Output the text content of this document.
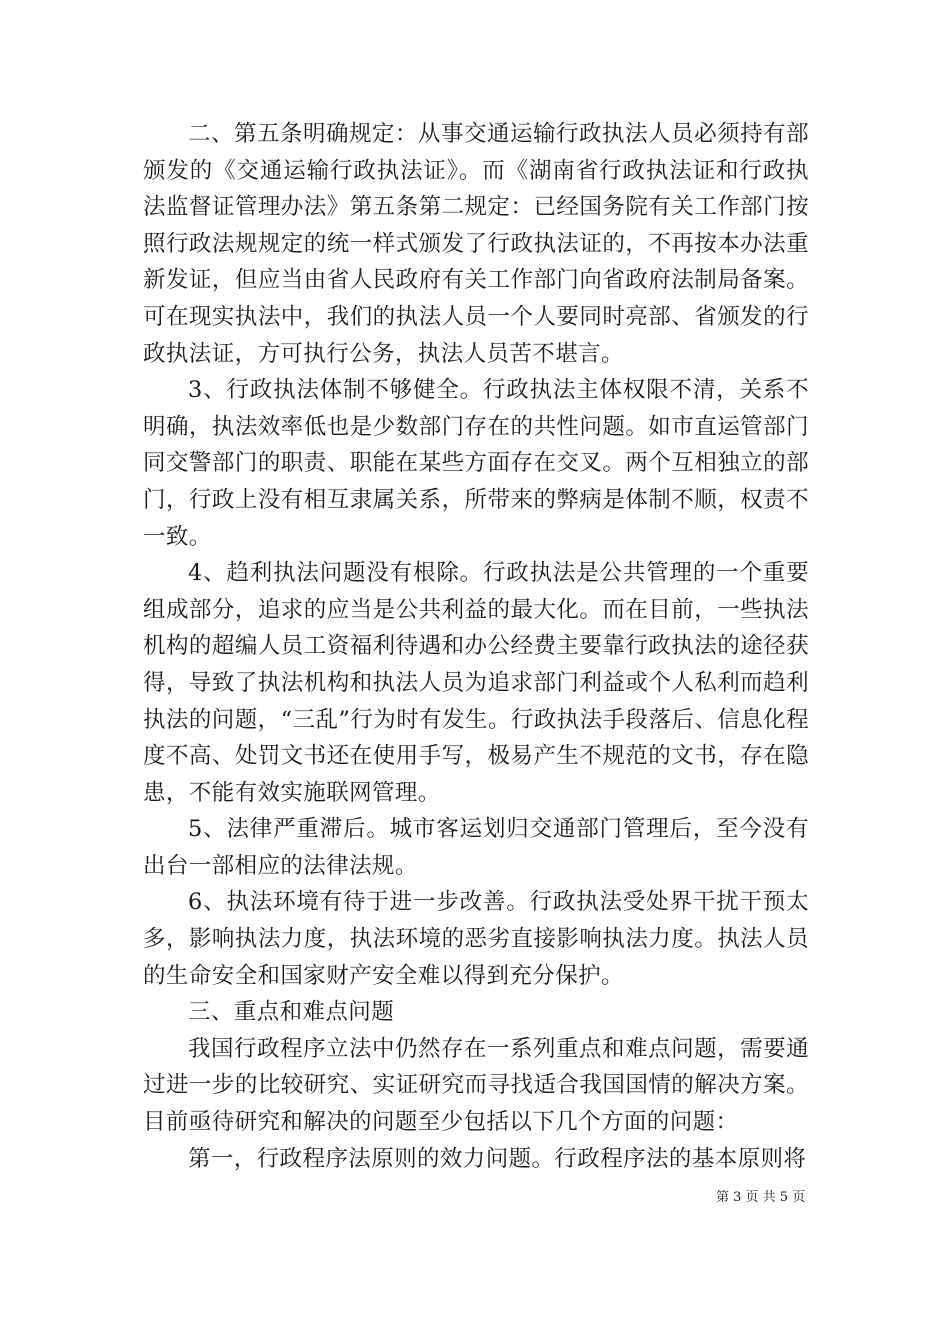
二、第五条明确规定：从事交通运输行政执法人员必须持有部颁发的《交通运输行政执法证》。而《湖南省行政执法证和行政执法监督证管理办法》第五条第二规定：已经国务院有关工作部门按照行政法规规定的统一样式颁发了行政执法证的，不再按本办法重新发证，但应当由省人民政府有关工作部门向省政府法制局备案。可在现实执法中，我们的执法人员一个人要同时亮部、省颁发的行政执法证，方可执行公务，执法人员苦不堪言。

3、行政执法体制不够健全。行政执法主体权限不清，关系不明确，执法效率低也是少数部门存在的共性问题。如市直运管部门同交警部门的职责、职能在某些方面存在交叉。两个互相独立的部门，行政上没有相互隶属关系，所带来的弊病是体制不顺，权责不一致。

4、趋利执法问题没有根除。行政执法是公共管理的一个重要组成部分，追求的应当是公共利益的最大化。而在目前，一些执法机构的超编人员工资福利待遇和办公经费主要靠行政执法的途径获得，导致了执法机构和执法人员为追求部门利益或个人私利而趋利执法的问题，“三乱”行为时有发生。行政执法手段落后、信息化程度不高、处罚文书还在使用手写，极易产生不规范的文书，存在隐患，不能有效实施联网管理。

5、法律严重滞后。城市客运划归交通部门管理后，至今没有出台一部相应的法律法规。

6、执法环境有待于进一步改善。行政执法受处界干扰干预太多，影响执法力度，执法环境的恶劣直接影响执法力度。执法人员的生命安全和国家财产安全难以得到充分保护。

三、重点和难点问题

我国行政程序立法中仍然存在一系列重点和难点问题，需要通过进一步的比较研究、实证研究而寻找适合我国国情的解决方案。目前亟待研究和解决的问题至少包括以下几个方面的问题：

第一，行政程序法原则的效力问题。行政程序法的基本原则将

第 3 页 共 5 页
